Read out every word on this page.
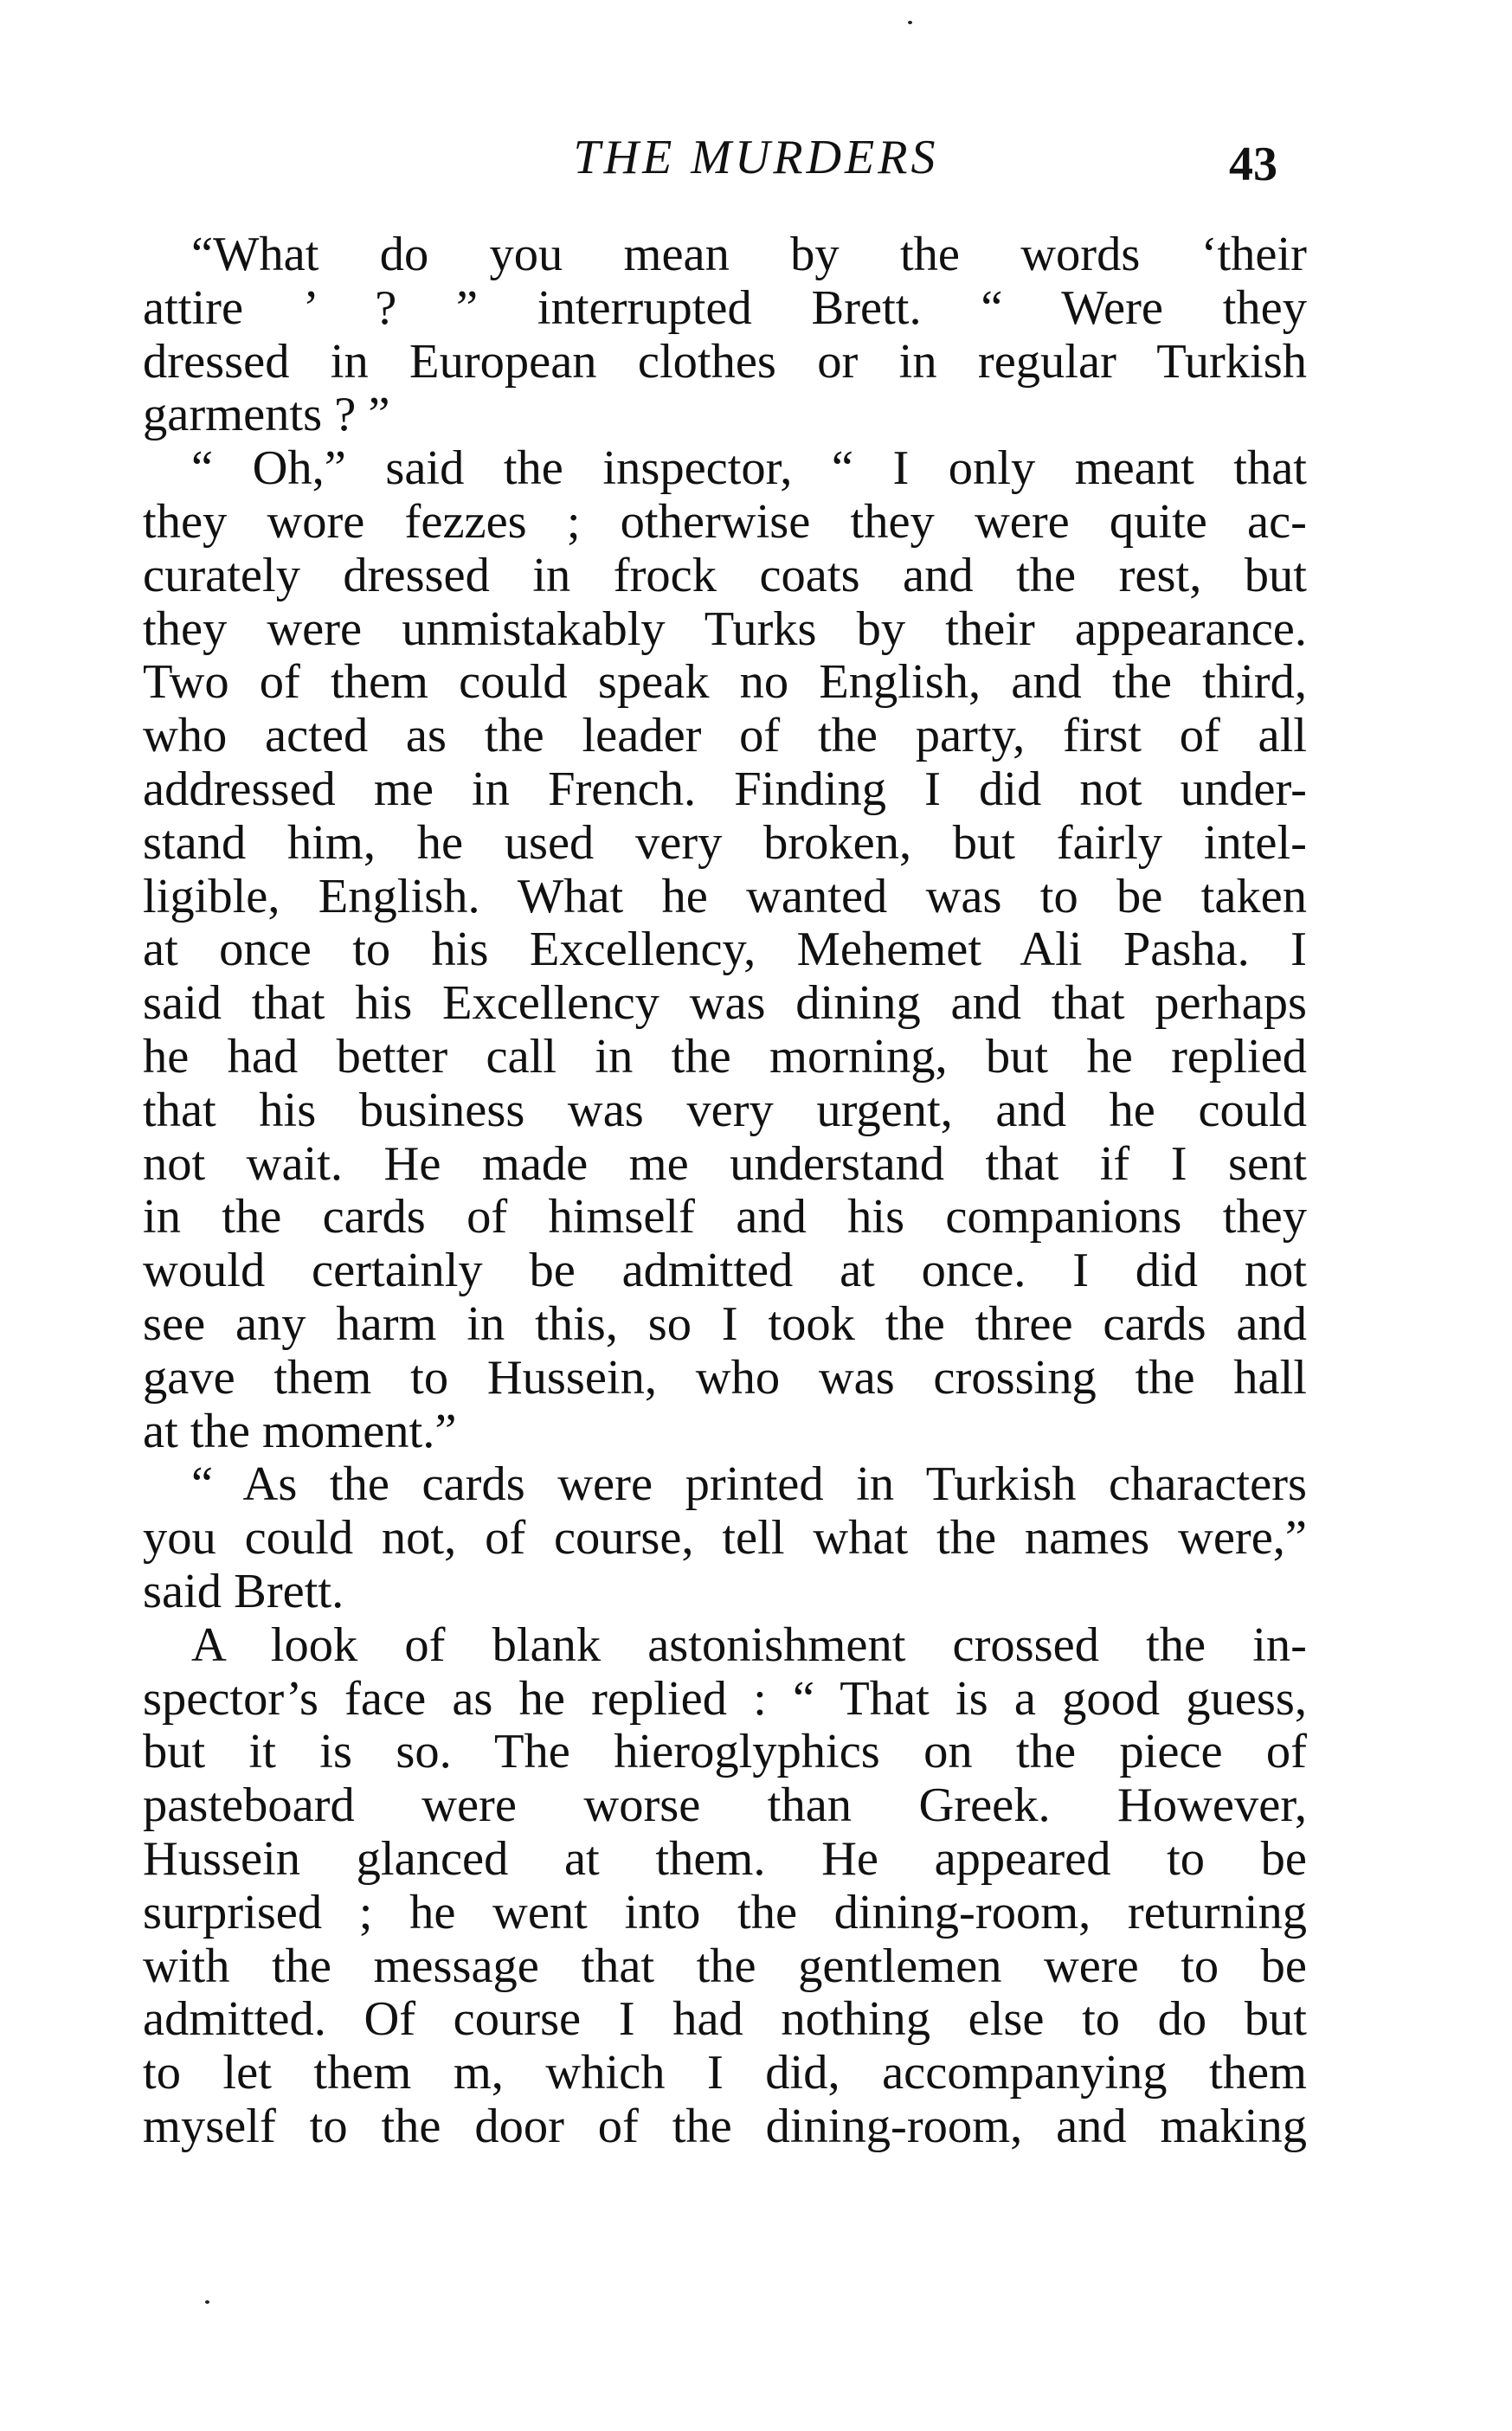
THE MURDERS	43
“What do you mean by the words ‘their
attire ’ ? ” interrupted Brett. “ Were they
dressed in European clothes or in regular Turkish
garments ? ”
“ Oh,” said the inspector, “ I only meant that
they wore fezzes ; otherwise they were quite ac-
curately dressed in frock coats and the rest, but
they were unmistakably Turks by their appearance.
Two of them could speak no English, and the third,
who acted as the leader of the party, first of all
addressed me in French. Finding I did not under-
stand him, he used very broken, but fairly intel-
ligible, English. What he wanted was to be taken
at once to his Excellency, Mehemet Ali Pasha. I
said that his Excellency was dining and that perhaps
he had better call in the morning, but he replied
that his business was very urgent, and he could
not wait. He made me understand that if I sent
in the cards of himself and his companions they
would certainly be admitted at once. I did not
see any harm in this, so I took the three cards and
gave them to Hussein, who was crossing the hall
at the moment.”
“ As the cards were printed in Turkish characters
you could not, of course, tell what the names were,”
said Brett.
A look of blank astonishment crossed the in-
spector’s face as he replied : “ That is a good guess,
but it is so. The hieroglyphics on the piece of
pasteboard were worse than Greek. However,
Hussein glanced at them. He appeared to be
surprised ; he went into the dining-room, returning
with the message that the gentlemen were to be
admitted. Of course I had nothing else to do but
to let them m, which I did, accompanying them
myself to the door of the dining-room, and making
